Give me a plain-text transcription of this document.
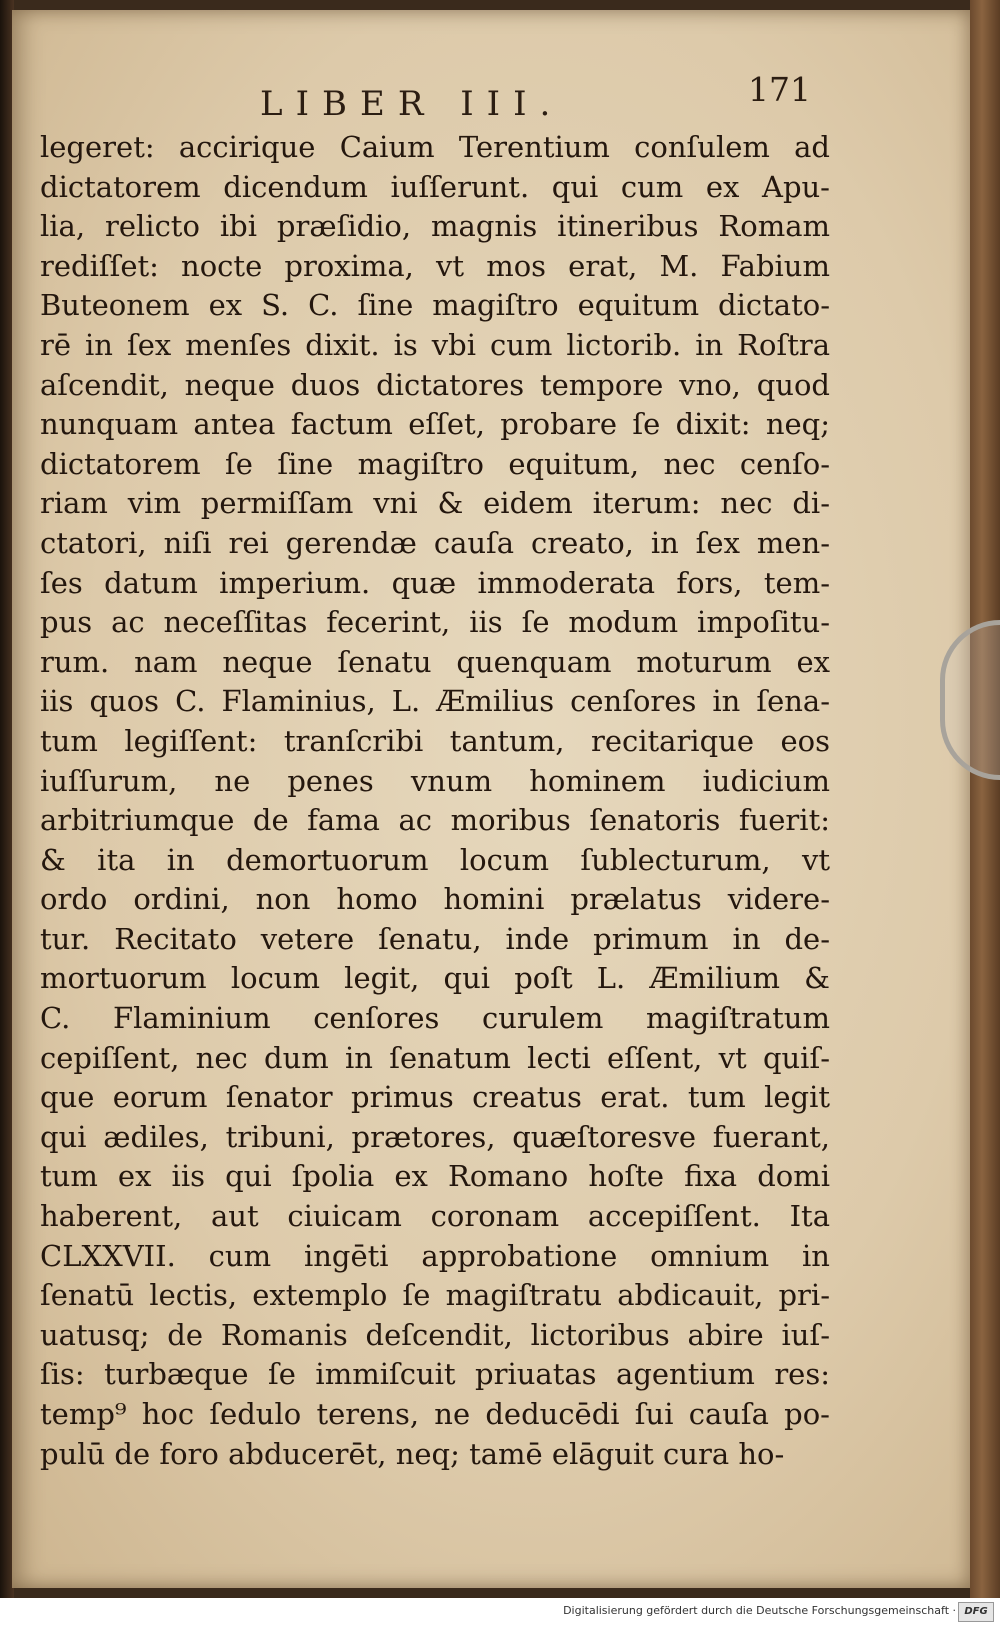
LIBER III.	171
legeret: accirique Caium Terentium conſulem ad
dictatorem dicendum iuſſerunt. qui cum ex Apu-
lia, relicto ibi præſidio, magnis itineribus Romam
rediſſet: nocte proxima, vt mos erat, M. Fabium
Buteonem ex S. C. ſine magiſtro equitum dictato-
rē in ſex menſes dixit. is vbi cum lictorib. in Roſtra
aſcendit, neque duos dictatores tempore vno, quod
nunquam antea factum eſſet, probare ſe dixit: neq;
dictatorem ſe ſine magiſtro equitum, nec cenſo-
riam vim permiſſam vni & eidem iterum: nec di-
ctatori, niſi rei gerendæ cauſa creato, in ſex men-
ſes datum imperium. quæ immoderata fors, tem-
pus ac neceſſitas fecerint, iis ſe modum impoſitu-
rum. nam neque ſenatu quenquam moturum ex
iis quos C. Flaminius, L. Æmilius cenſores in ſena-
tum legiſſent: tranſcribi tantum, recitarique eos
iuſſurum, ne penes vnum hominem iudicium
arbitriumque de fama ac moribus ſenatoris fuerit:
& ita in demortuorum locum ſublecturum, vt
ordo ordini, non homo homini prælatus videre-
tur. Recitato vetere ſenatu, inde primum in de-
mortuorum locum legit, qui poſt L. Æmilium &
C. Flaminium cenſores curulem magiſtratum
cepiſſent, nec dum in ſenatum lecti eſſent, vt quiſ-
que eorum ſenator primus creatus erat. tum legit
qui ædiles, tribuni, prætores, quæſtoresve fuerant,
tum ex iis qui ſpolia ex Romano hoſte fixa domi
haberent, aut ciuicam coronam accepiſſent. Ita
CLXXVII. cum ingēti approbatione omnium in
ſenatū lectis, extemplo ſe magiſtratu abdicauit, pri-
uatusq; de Romanis deſcendit, lictoribus abire iuſ-
ſis: turbæque ſe immiſcuit priuatas agentium res:
temp⁹ hoc ſedulo terens, ne deducēdi ſui cauſa po-
pulū de foro abducerēt, neq; tamē elāguit cura ho-
Digitalisierung gefördert durch die Deutsche Forschungsgemeinschaft · DFG
